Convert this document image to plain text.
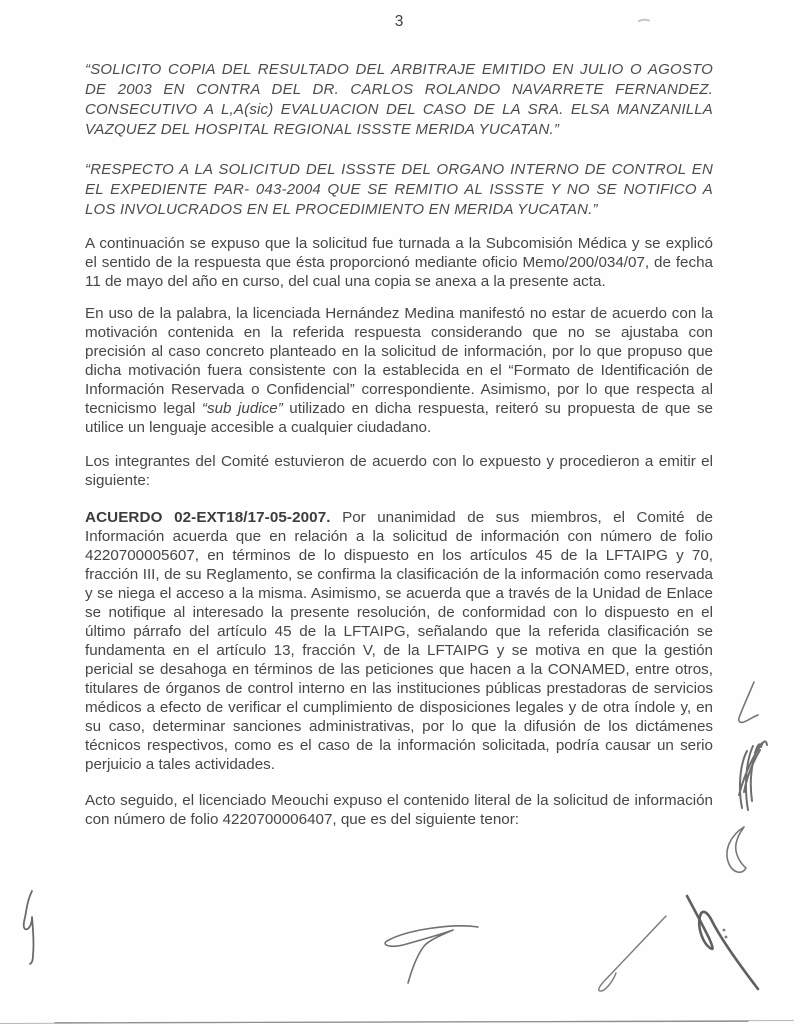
3

“SOLICITO COPIA DEL RESULTADO DEL ARBITRAJE EMITIDO EN JULIO O AGOSTO DE 2003 EN CONTRA DEL DR. CARLOS ROLANDO NAVARRETE FERNANDEZ. CONSECUTIVO A L,A(sic) EVALUACION DEL CASO DE LA SRA. ELSA MANZANILLA VAZQUEZ DEL HOSPITAL REGIONAL ISSSTE MERIDA YUCATAN.”

“RESPECTO A LA SOLICITUD DEL ISSSTE DEL ORGANO INTERNO DE CONTROL EN EL EXPEDIENTE PAR- 043-2004 QUE SE REMITIO AL ISSSTE Y NO SE NOTIFICO A LOS INVOLUCRADOS EN EL PROCEDIMIENTO EN MERIDA YUCATAN.”

A continuación se expuso que la solicitud fue turnada a la Subcomisión Médica y se explicó el sentido de la respuesta que ésta proporcionó mediante oficio Memo/200/034/07, de fecha 11 de mayo del año en curso, del cual una copia se anexa a la presente acta.

En uso de la palabra, la licenciada Hernández Medina manifestó no estar de acuerdo con la motivación contenida en la referida respuesta considerando que no se ajustaba con precisión al caso concreto planteado en la solicitud de información, por lo que propuso que dicha motivación fuera consistente con la establecida en el “Formato de Identificación de Información Reservada o Confidencial” correspondiente. Asimismo, por lo que respecta al tecnicismo legal “sub judice” utilizado en dicha respuesta, reiteró su propuesta de que se utilice un lenguaje accesible a cualquier ciudadano.

Los integrantes del Comité estuvieron de acuerdo con lo expuesto y procedieron a emitir el siguiente:

ACUERDO 02-EXT18/17-05-2007. Por unanimidad de sus miembros, el Comité de Información acuerda que en relación a la solicitud de información con número de folio 4220700005607, en términos de lo dispuesto en los artículos 45 de la LFTAIPG y 70, fracción III, de su Reglamento, se confirma la clasificación de la información como reservada y se niega el acceso a la misma. Asimismo, se acuerda que a través de la Unidad de Enlace se notifique al interesado la presente resolución, de conformidad con lo dispuesto en el último párrafo del artículo 45 de la LFTAIPG, señalando que la referida clasificación se fundamenta en el artículo 13, fracción V, de la LFTAIPG y se motiva en que la gestión pericial se desahoga en términos de las peticiones que hacen a la CONAMED, entre otros, titulares de órganos de control interno en las instituciones públicas prestadoras de servicios médicos a efecto de verificar el cumplimiento de disposiciones legales y de otra índole y, en su caso, determinar sanciones administrativas, por lo que la difusión de los dictámenes técnicos respectivos, como es el caso de la información solicitada, podría causar un serio perjuicio a tales actividades.

Acto seguido, el licenciado Meouchi expuso el contenido literal de la solicitud de información con número de folio 4220700006407, que es del siguiente tenor:
